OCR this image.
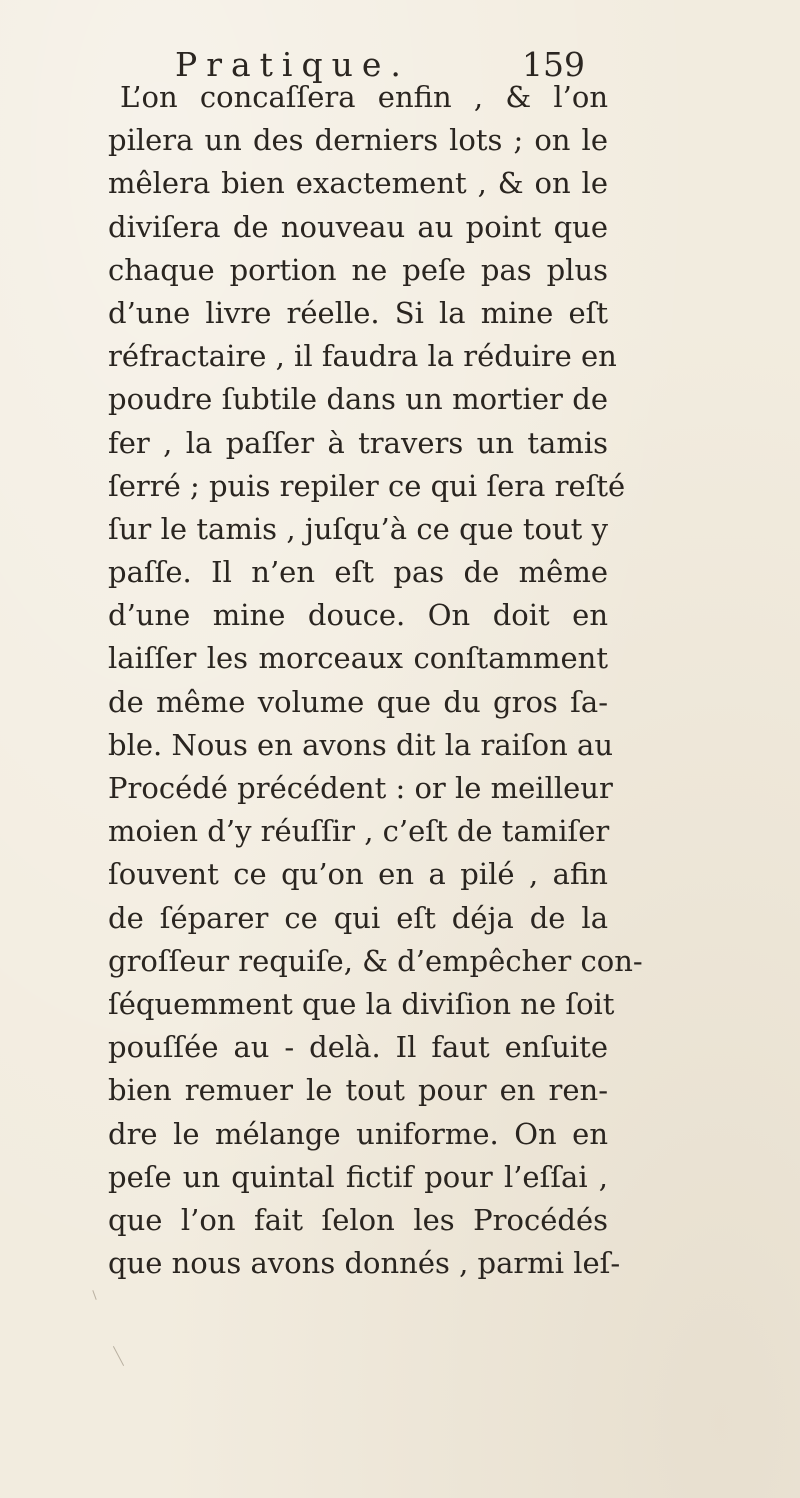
Pratique.	159
L’on concaſſera enfin , & l’on
pilera un des derniers lots ; on le
mêlera bien exactement , & on le
diviſera de nouveau au point que
chaque portion ne peſe pas plus
d’une livre réelle. Si la mine eſt
réfractaire , il faudra la réduire en
poudre ſubtile dans un mortier de
fer , la paſſer à travers un tamis
ſerré ; puis repiler ce qui ſera reſté
ſur le tamis , juſqu’à ce que tout y
paſſe. Il n’en eſt pas de même
d’une mine douce. On doit en
laiſſer les morceaux conſtamment
de même volume que du gros ſa-
ble. Nous en avons dit la raiſon au
Procédé précédent : or le meilleur
moien d’y réuſſir , c’eſt de tamiſer
ſouvent ce qu’on en a pilé , afin
de ſéparer ce qui eſt déja de la
groſſeur requiſe, & d’empêcher con-
ſéquemment que la diviſion ne ſoit
pouſſée au - delà. Il faut enſuite
bien remuer le tout pour en ren-
dre le mélange uniforme. On en
peſe un quintal fictif pour l’eſſai ,
que l’on fait ſelon les Procédés
que nous avons donnés , parmi leſ-
